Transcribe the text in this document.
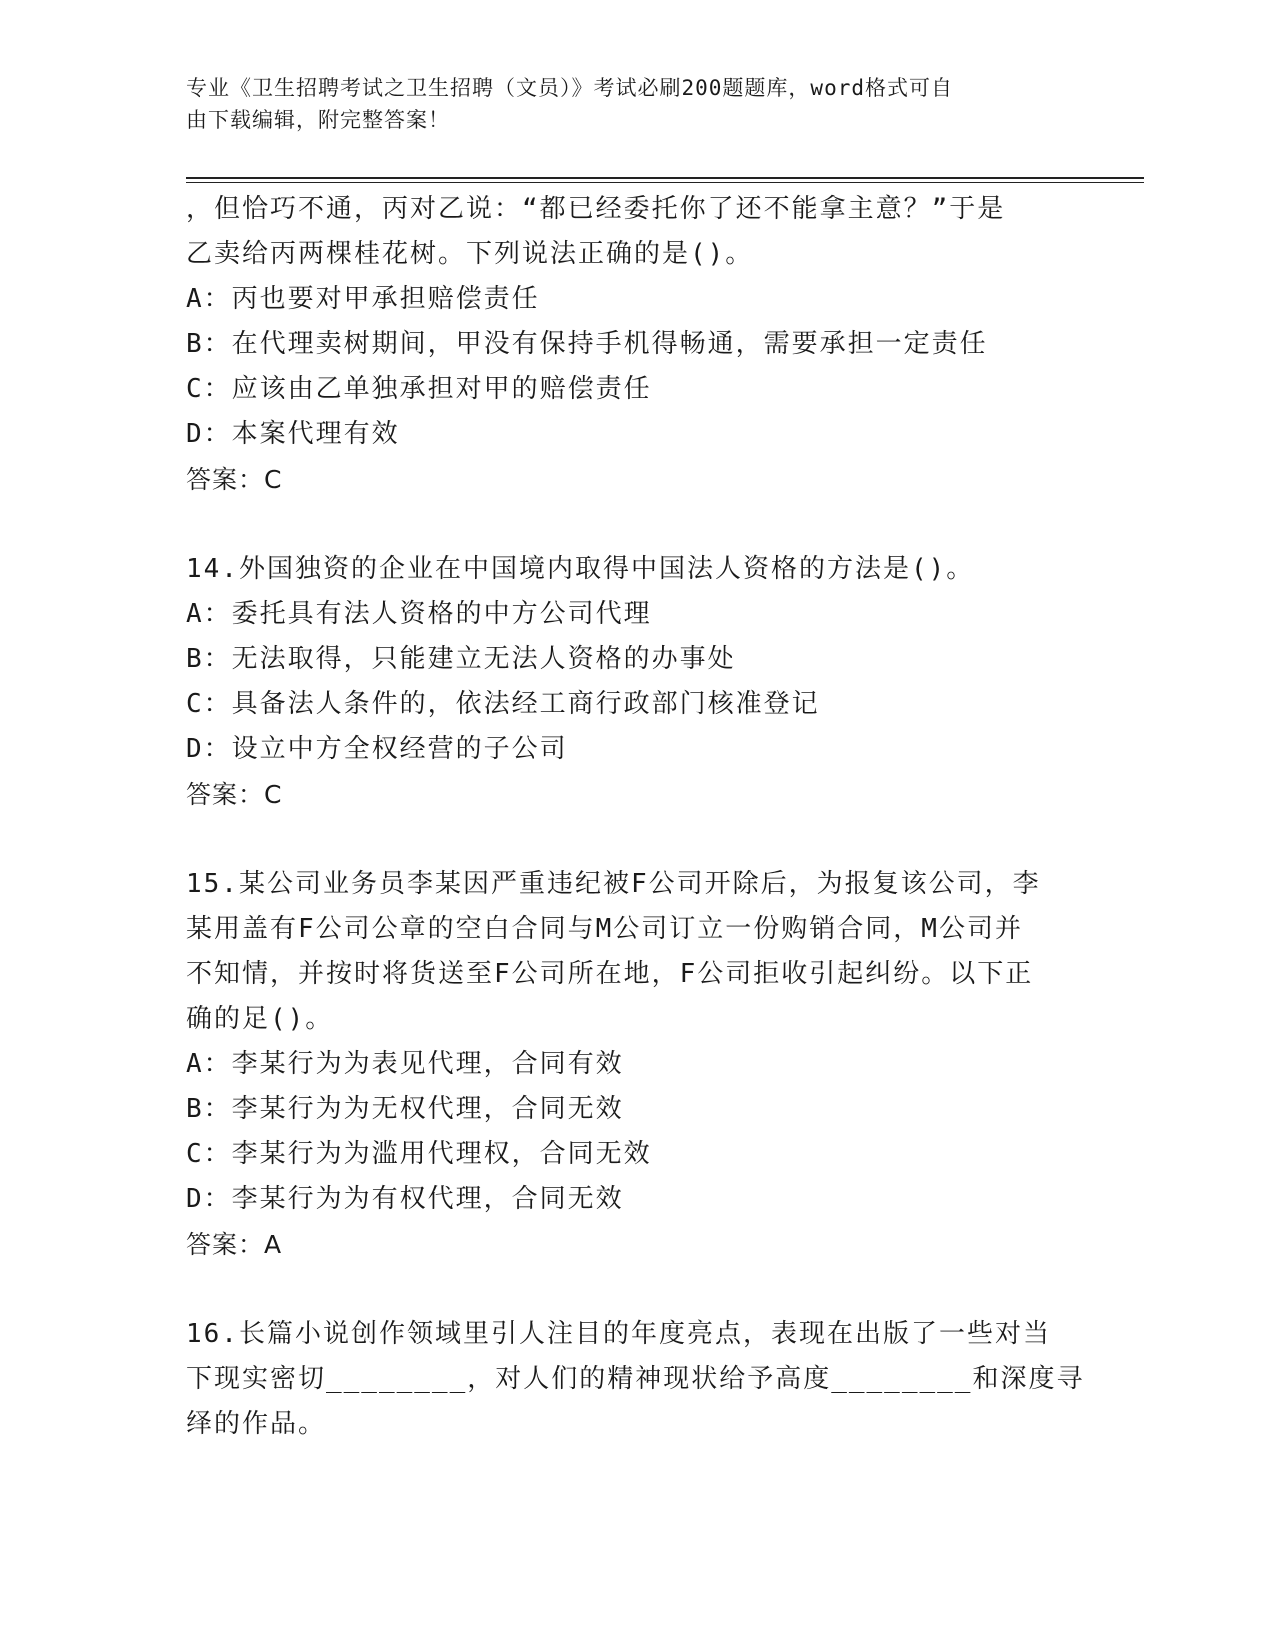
专业《卫生招聘考试之卫生招聘（文员）》考试必刷200题题库，word格式可自
由下载编辑，附完整答案！
，但恰巧不通，丙对乙说：“都已经委托你了还不能拿主意？”于是
乙卖给丙两棵桂花树。下列说法正确的是()。
A：丙也要对甲承担赔偿责任
B：在代理卖树期间，甲没有保持手机得畅通，需要承担一定责任
C：应该由乙单独承担对甲的赔偿责任
D：本案代理有效
答案：C
14.外国独资的企业在中国境内取得中国法人资格的方法是()。
A：委托具有法人资格的中方公司代理
B：无法取得，只能建立无法人资格的办事处
C：具备法人条件的，依法经工商行政部门核准登记
D：设立中方全权经营的子公司
答案：C
15.某公司业务员李某因严重违纪被F公司开除后，为报复该公司，李
某用盖有F公司公章的空白合同与M公司订立一份购销合同，M公司并
不知情，并按时将货送至F公司所在地，F公司拒收引起纠纷。以下正
确的足()。
A：李某行为为表见代理，合同有效
B：李某行为为无权代理，合同无效
C：李某行为为滥用代理权，合同无效
D：李某行为为有权代理，合同无效
答案：A
16.长篇小说创作领域里引人注目的年度亮点，表现在出版了一些对当
下现实密切________，对人们的精神现状给予高度________和深度寻
绎的作品。
